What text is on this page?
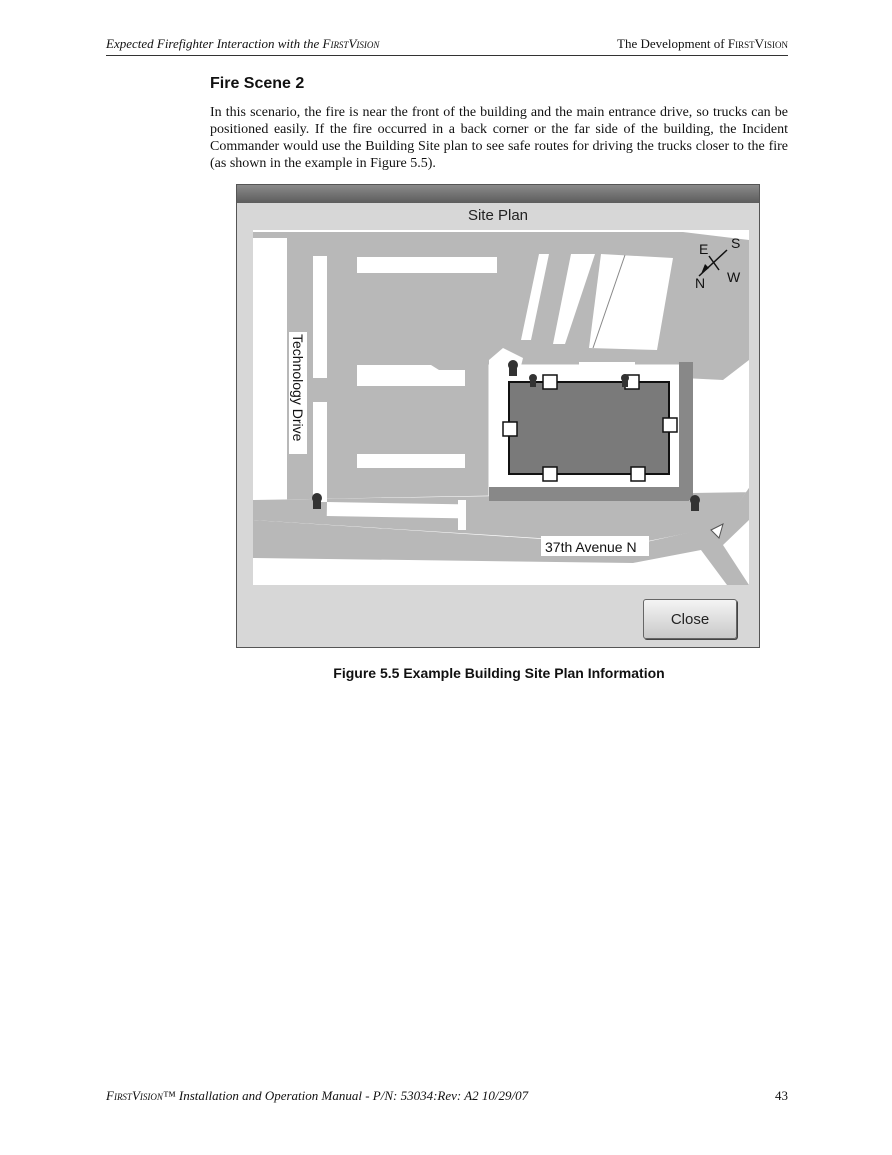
Expected Firefighter Interaction with the FirstVision	The Development of FirstVision
Fire Scene 2
In this scenario, the fire is near the front of the building and the main entrance drive, so trucks can be positioned easily. If the fire occurred in a back corner or the far side of the building, the Incident Commander would use the Building Site plan to see safe routes for driving the trucks closer to the fire (as shown in the example in Figure 5.5).
Site Plan
E S
N W
Technology Drive
37th Avenue N
Close
Figure 5.5 Example Building Site Plan Information
FirstVision™ Installation and Operation Manual - P/N: 53034:Rev: A2 10/29/07	43
